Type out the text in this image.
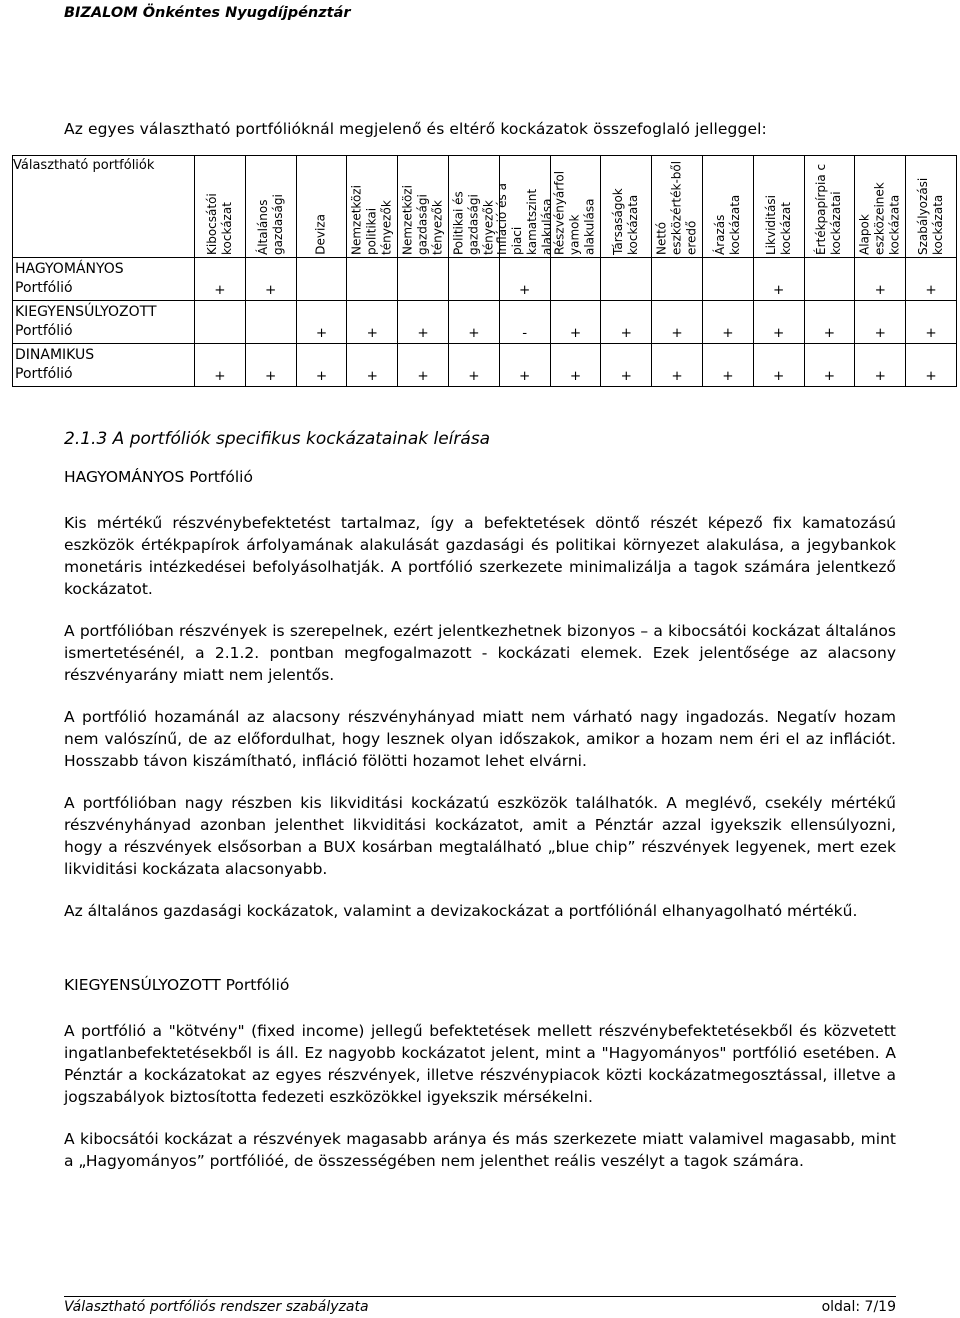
BIZALOM Önkéntes Nyugdíjpénztár
Az egyes választható portfólióknál megjelenő és eltérő kockázatok összefoglaló jelleggel:
Választható portfóliók	Kibocsátói kockázat	Általános gazdasági	Deviza	Nemzetközi politikai tényezők	Nemzetközi gazdasági tényezők	Politikai és gazdasági tényezők	Infláció és a piaci kamatszint alakulása	Részvényárfol yamok alakulása	Társaságok kockázata	Nettó eszközérték-ből eredő	Árazás kockázata	Likviditási kockázat	Értékpapírpia c kockázatai	Alapok eszközeinek kockázata	Szabályozási kockázata

HAGYOMÁNYOS
Portfólió	+	+					+					+		+	+

KIEGYENSÚLYOZOTT
Portfólió			+	+	+	+	-	+	+	+	+	+	+	+	+

DINAMIKUS
Portfólió	+	+	+	+	+	+	+	+	+	+	+	+	+	+	+

2.1.3 A portfóliók specifikus kockázatainak leírása

HAGYOMÁNYOS Portfólió

Kis mértékű részvénybefektetést tartalmaz, így a befektetések döntő részét képező fix kamatozású eszközök értékpapírok árfolyamának alakulását gazdasági és politikai környezet alakulása, a jegybankok monetáris intézkedései befolyásolhatják. A portfólió szerkezete minimalizálja a tagok számára jelentkező kockázatot.

A portfólióban részvények is szerepelnek, ezért jelentkezhetnek bizonyos – a kibocsátói kockázat általános ismertetésénél, a 2.1.2. pontban megfogalmazott - kockázati elemek. Ezek jelentősége az alacsony részvényarány miatt nem jelentős.

A portfólió hozamánál az alacsony részvényhányad miatt nem várható nagy ingadozás. Negatív hozam nem valószínű, de az előfordulhat, hogy lesznek olyan időszakok, amikor a hozam nem éri el az inflációt. Hosszabb távon kiszámítható, infláció fölötti hozamot lehet elvárni.

A portfólióban nagy részben kis likviditási kockázatú eszközök találhatók. A meglévő, csekély mértékű részvényhányad azonban jelenthet likviditási kockázatot, amit a Pénztár azzal igyekszik ellensúlyozni, hogy a részvények elsősorban a BUX kosárban megtalálható „blue chip” részvények legyenek, mert ezek likviditási kockázata alacsonyabb.

Az általános gazdasági kockázatok, valamint a devizakockázat a portfóliónál elhanyagolható mértékű.

KIEGYENSÚLYOZOTT Portfólió

A portfólió a "kötvény" (fixed income) jellegű befektetések mellett részvénybefektetésekből és közvetett ingatlanbefektetésekből is áll. Ez nagyobb kockázatot jelent, mint a "Hagyományos" portfólió esetében. A Pénztár a kockázatokat az egyes részvények, illetve részvénypiacok közti kockázatmegosztással, illetve a jogszabályok biztosította fedezeti eszközökkel igyekszik mérsékelni.

A kibocsátói kockázat a részvények magasabb aránya és más szerkezete miatt valamivel magasabb, mint a „Hagyományos” portfólióé, de összességében nem jelenthet reális veszélyt a tagok számára.

Választható portfóliós rendszer szabályzata	oldal: 7/19
